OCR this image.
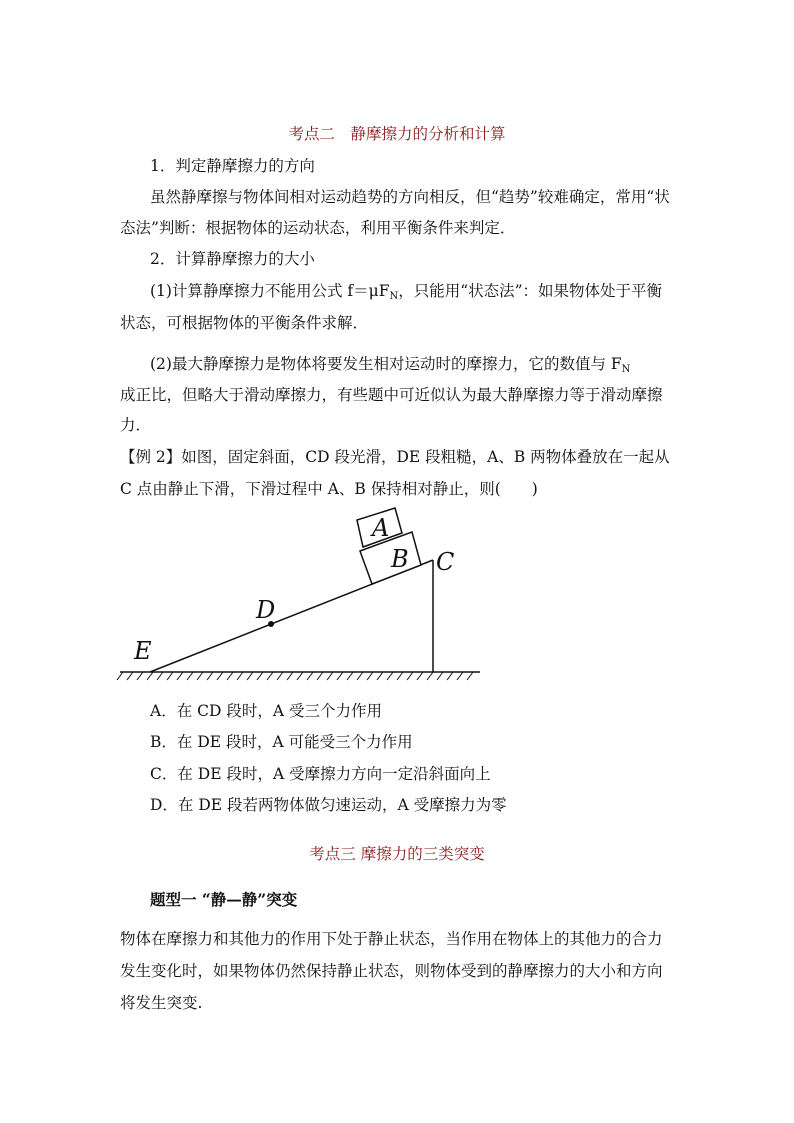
考点二　静摩擦力的分析和计算
1．判定静摩擦力的方向
虽然静摩擦与物体间相对运动趋势的方向相反，但“趋势”较难确定，常用“状
态法”判断：根据物体的运动状态，利用平衡条件来判定．
2．计算静摩擦力的大小
(1)计算静摩擦力不能用公式 $f=\mu F_N$，只能用“状态法”：如果物体处于平衡
状态，可根据物体的平衡条件求解．
(2)最大静摩擦力是物体将要发生相对运动时的摩擦力，它的数值与 $F_N$
成正比，但略大于滑动摩擦力，有些题中可近似认为最大静摩擦力等于滑动摩擦
力．
【例 2】如图，固定斜面，CD 段光滑，DE 段粗糙，A、B 两物体叠放在一起从
C 点由静止下滑，下滑过程中 A、B 保持相对静止，则(　　)
A
B C
D
E
A．在 CD 段时，A 受三个力作用
B．在 DE 段时，A 可能受三个力作用
C．在 DE 段时，A 受摩擦力方向一定沿斜面向上
D．在 DE 段若两物体做匀速运动，A 受摩擦力为零
考点三 摩擦力的三类突变
题型一 “静—静”突变
物体在摩擦力和其他力的作用下处于静止状态，当作用在物体上的其他力的合力
发生变化时，如果物体仍然保持静止状态，则物体受到的静摩擦力的大小和方向
将发生突变.
